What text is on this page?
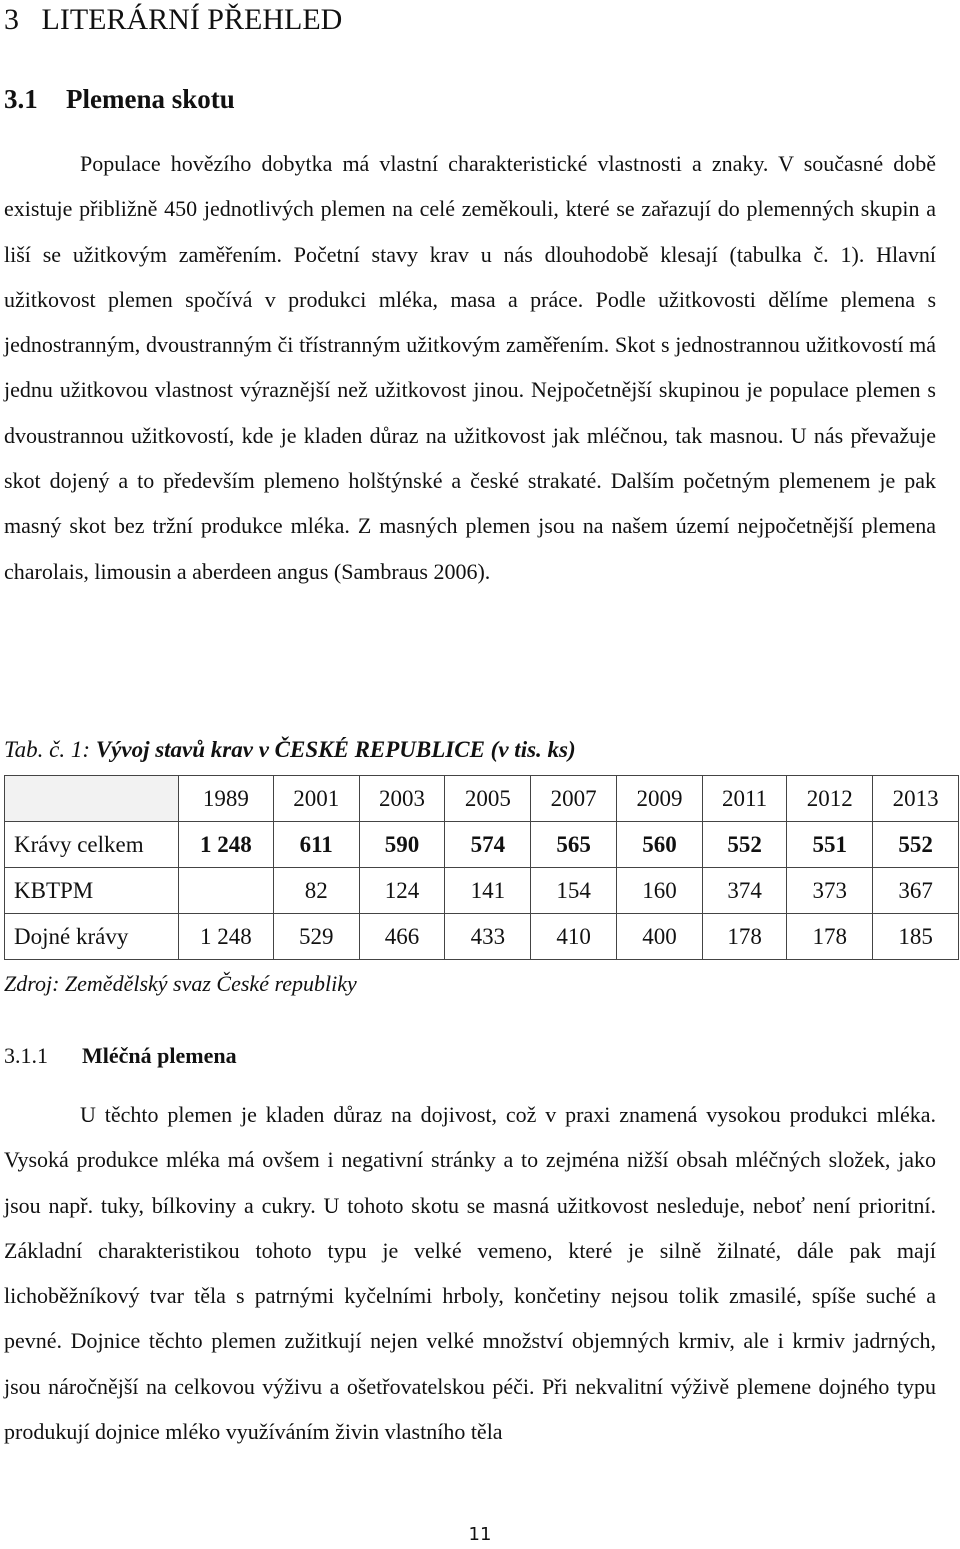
3 LITERÁRNÍ PŘEHLED
3.1 Plemena skotu
Populace hovězího dobytka má vlastní charakteristické vlastnosti a znaky. V současné době existuje přibližně 450 jednotlivých plemen na celé zeměkouli, které se zařazují do plemenných skupin a liší se užitkovým zaměřením. Početní stavy krav u nás dlouhodobě klesají (tabulka č. 1). Hlavní užitkovost plemen spočívá v produkci mléka, masa a práce. Podle užitkovosti dělíme plemena s jednostranným, dvoustranným či třístranným užitkovým zaměřením. Skot s jednostrannou užitkovostí má jednu užitkovou vlastnost výraznější než užitkovost jinou. Nejpočetnější skupinou je populace plemen s dvoustrannou užitkovostí, kde je kladen důraz na užitkovost jak mléčnou, tak masnou. U nás převažuje skot dojený a to především plemeno holštýnské a české strakaté. Dalším početným plemenem je pak masný skot bez tržní produkce mléka. Z masných plemen jsou na našem území nejpočetnější plemena charolais, limousin a aberdeen angus (Sambraus 2006).
Tab. č. 1: Vývoj stavů krav v ČESKÉ REPUBLICE (v tis. ks)
	1989	2001	2003	2005	2007	2009	2011	2012	2013
Krávy celkem	1 248	611	590	574	565	560	552	551	552
KBTPM		82	124	141	154	160	374	373	367
Dojné krávy	1 248	529	466	433	410	400	178	178	185
Zdroj: Zemědělský svaz České republiky
3.1.1 Mléčná plemena
U těchto plemen je kladen důraz na dojivost, což v praxi znamená vysokou produkci mléka. Vysoká produkce mléka má ovšem i negativní stránky a to zejména nižší obsah mléčných složek, jako jsou např. tuky, bílkoviny a cukry. U tohoto skotu se masná užitkovost nesleduje, neboť není prioritní. Základní charakteristikou tohoto typu je velké vemeno, které je silně žilnaté, dále pak mají lichoběžníkový tvar těla s patrnými kyčelními hrboly, končetiny nejsou tolik zmasilé, spíše suché a pevné. Dojnice těchto plemen zužitkují nejen velké množství objemných krmiv, ale i krmiv jadrných, jsou náročnější na celkovou výživu a ošetřovatelskou péči. Při nekvalitní výživě plemene dojného typu produkují dojnice mléko využíváním živin vlastního těla
11
